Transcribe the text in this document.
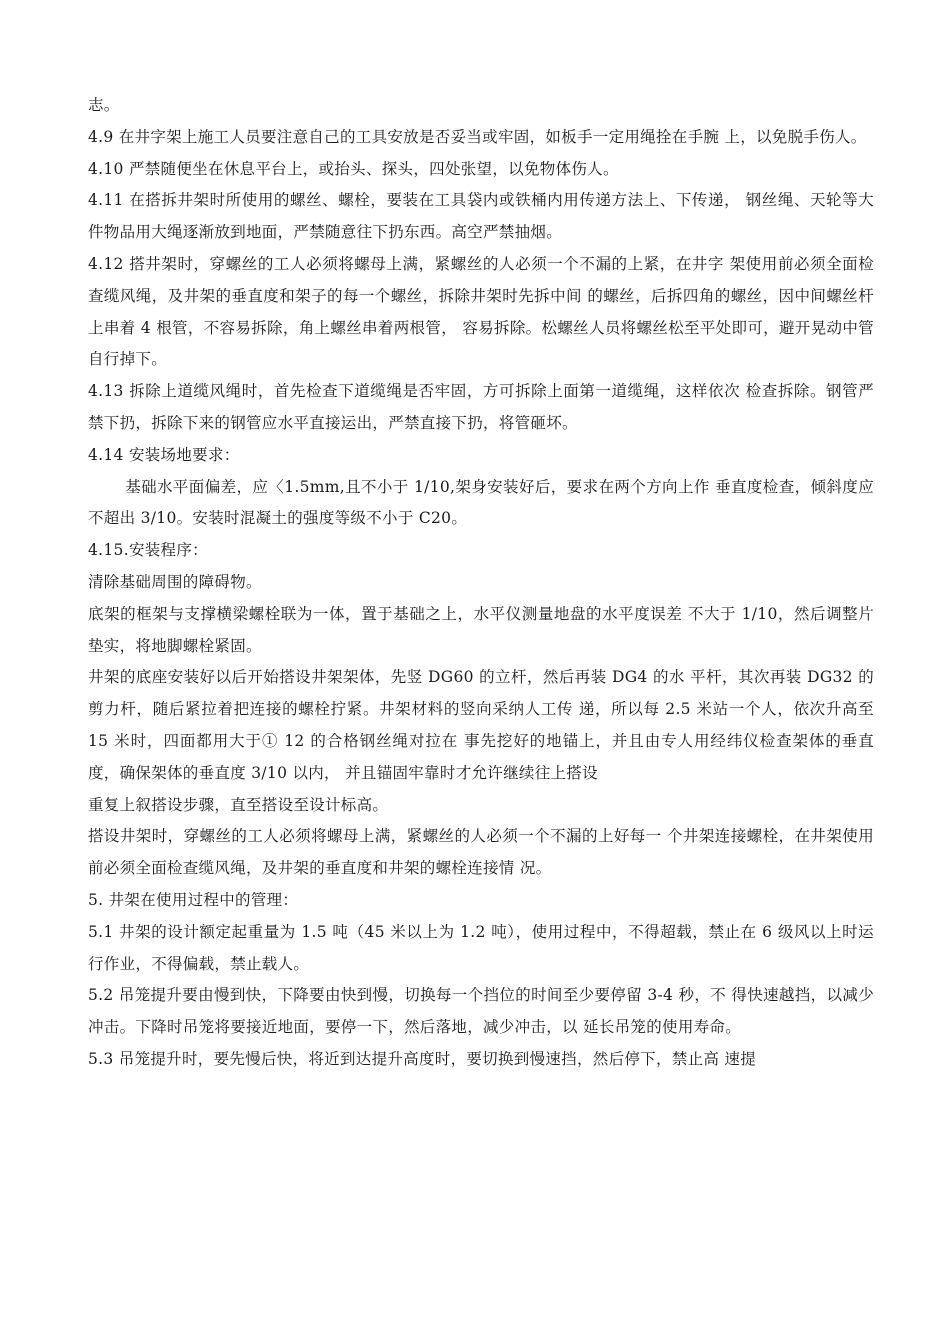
志。

4.9 在井字架上施工人员要注意自己的工具安放是否妥当或牢固，如板手一定用绳拴在手腕 上，以免脱手伤人。

4.10 严禁随便坐在休息平台上，或抬头、探头，四处张望，以免物体伤人。

4.11 在搭拆井架时所使用的螺丝、螺栓，要装在工具袋内或铁桶内用传递方法上、下传递， 钢丝绳、天轮等大件物品用大绳逐渐放到地面，严禁随意往下扔东西。高空严禁抽烟。

4.12 搭井架时，穿螺丝的工人必须将螺母上满，紧螺丝的人必须一个不漏的上紧，在井字 架使用前必须全面检查缆风绳，及井架的垂直度和架子的每一个螺丝，拆除井架时先拆中间 的螺丝，后拆四角的螺丝，因中间螺丝杆上串着 4 根管，不容易拆除，角上螺丝串着两根管， 容易拆除。松螺丝人员将螺丝松至平处即可，避开晃动中管自行掉下。

4.13 拆除上道缆风绳时，首先检查下道缆绳是否牢固，方可拆除上面第一道缆绳，这样依次 检查拆除。钢管严禁下扔，拆除下来的钢管应水平直接运出，严禁直接下扔，将管砸坏。

4.14 安装场地要求：

基础水平面偏差，应〈1.5mm,且不小于 1/10,架身安装好后，要求在两个方向上作 垂直度检查，倾斜度应不超出 3/10。安装时混凝土的强度等级不小于 C20。

4.15.安装程序：

清除基础周围的障碍物。

底架的框架与支撑横梁螺栓联为一体，置于基础之上，水平仪测量地盘的水平度误差 不大于 1/10，然后调整片垫实，将地脚螺栓紧固。

井架的底座安装好以后开始搭设井架架体，先竖 DG60 的立杆，然后再装 DG4 的水 平杆，其次再装 DG32 的剪力杆，随后紧拉着把连接的螺栓拧紧。井架材料的竖向采纳人工传 递，所以每 2.5 米站一个人，依次升高至 15 米时，四面都用大于① 12 的合格钢丝绳对拉在 事先挖好的地锚上，并且由专人用经纬仪检查架体的垂直度，确保架体的垂直度 3/10 以内， 并且锚固牢靠时才允许继续往上搭设

重复上叙搭设步骤，直至搭设至设计标高。

搭设井架时，穿螺丝的工人必须将螺母上满，紧螺丝的人必须一个不漏的上好每一 个井架连接螺栓，在井架使用前必须全面检查缆风绳，及井架的垂直度和井架的螺栓连接情 况。

5. 井架在使用过程中的管理：

5.1 井架的设计额定起重量为 1.5 吨（45 米以上为 1.2 吨），使用过程中，不得超载，禁止在 6 级风以上时运行作业，不得偏载，禁止载人。

5.2 吊笼提升要由慢到快，下降要由快到慢，切换每一个挡位的时间至少要停留 3-4 秒，不 得快速越挡，以减少冲击。下降时吊笼将要接近地面，要停一下，然后落地，减少冲击，以 延长吊笼的使用寿命。

5.3 吊笼提升时，要先慢后快，将近到达提升高度时，要切换到慢速挡，然后停下，禁止高 速提
